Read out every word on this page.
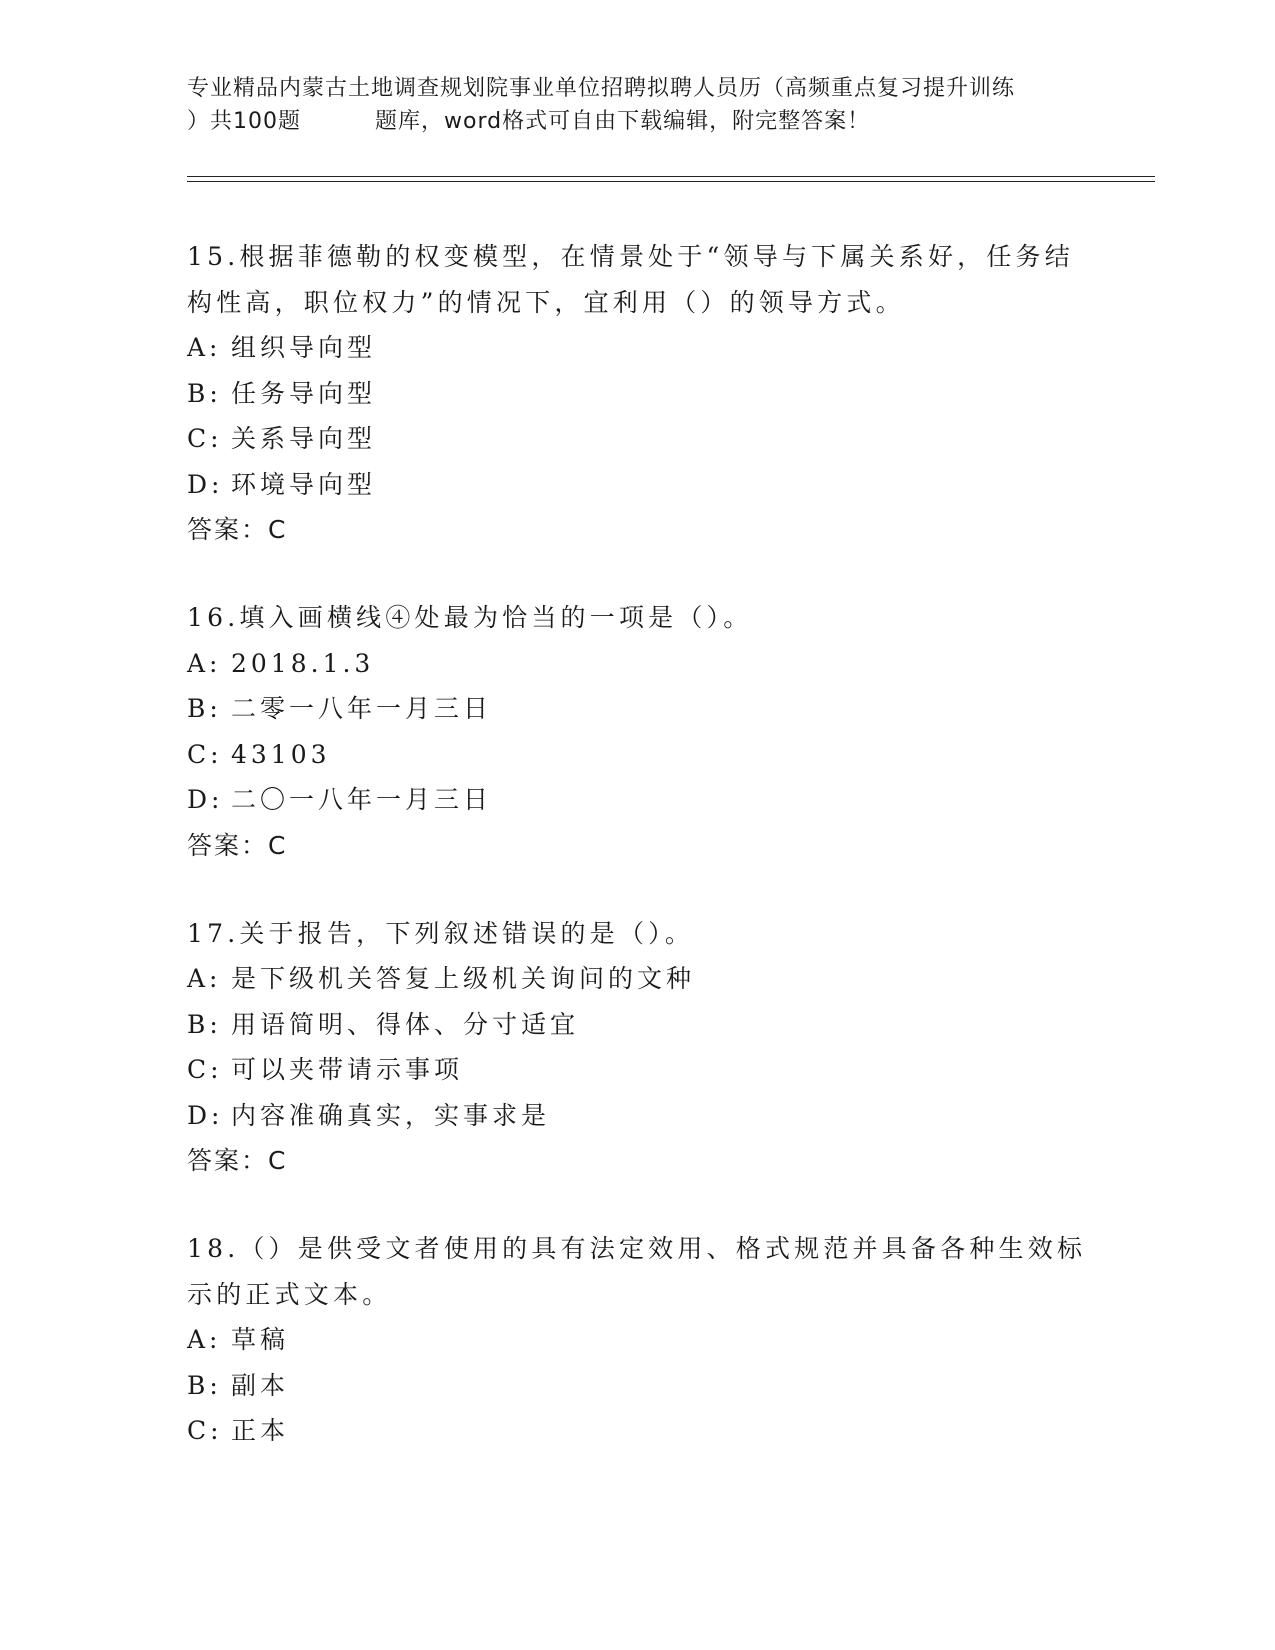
专业精品内蒙古土地调查规划院事业单位招聘拟聘人员历（高频重点复习提升训练
）共100题	题库，word格式可自由下载编辑，附完整答案！
15.根据菲德勒的权变模型，在情景处于“领导与下属关系好，任务结
构性高，职位权力”的情况下，宜利用（）的领导方式。
A: 组织导向型
B: 任务导向型
C: 关系导向型
D: 环境导向型
答案：C
16.填入画横线④处最为恰当的一项是（）。
A: 2018.1.3
B: 二零一八年一月三日
C: 43103
D: 二〇一八年一月三日
答案：C
17.关于报告，下列叙述错误的是（）。
A: 是下级机关答复上级机关询问的文种
B: 用语简明、得体、分寸适宜
C: 可以夹带请示事项
D: 内容准确真实，实事求是
答案：C
18.（）是供受文者使用的具有法定效用、格式规范并具备各种生效标
示的正式文本。
A: 草稿
B: 副本
C: 正本
